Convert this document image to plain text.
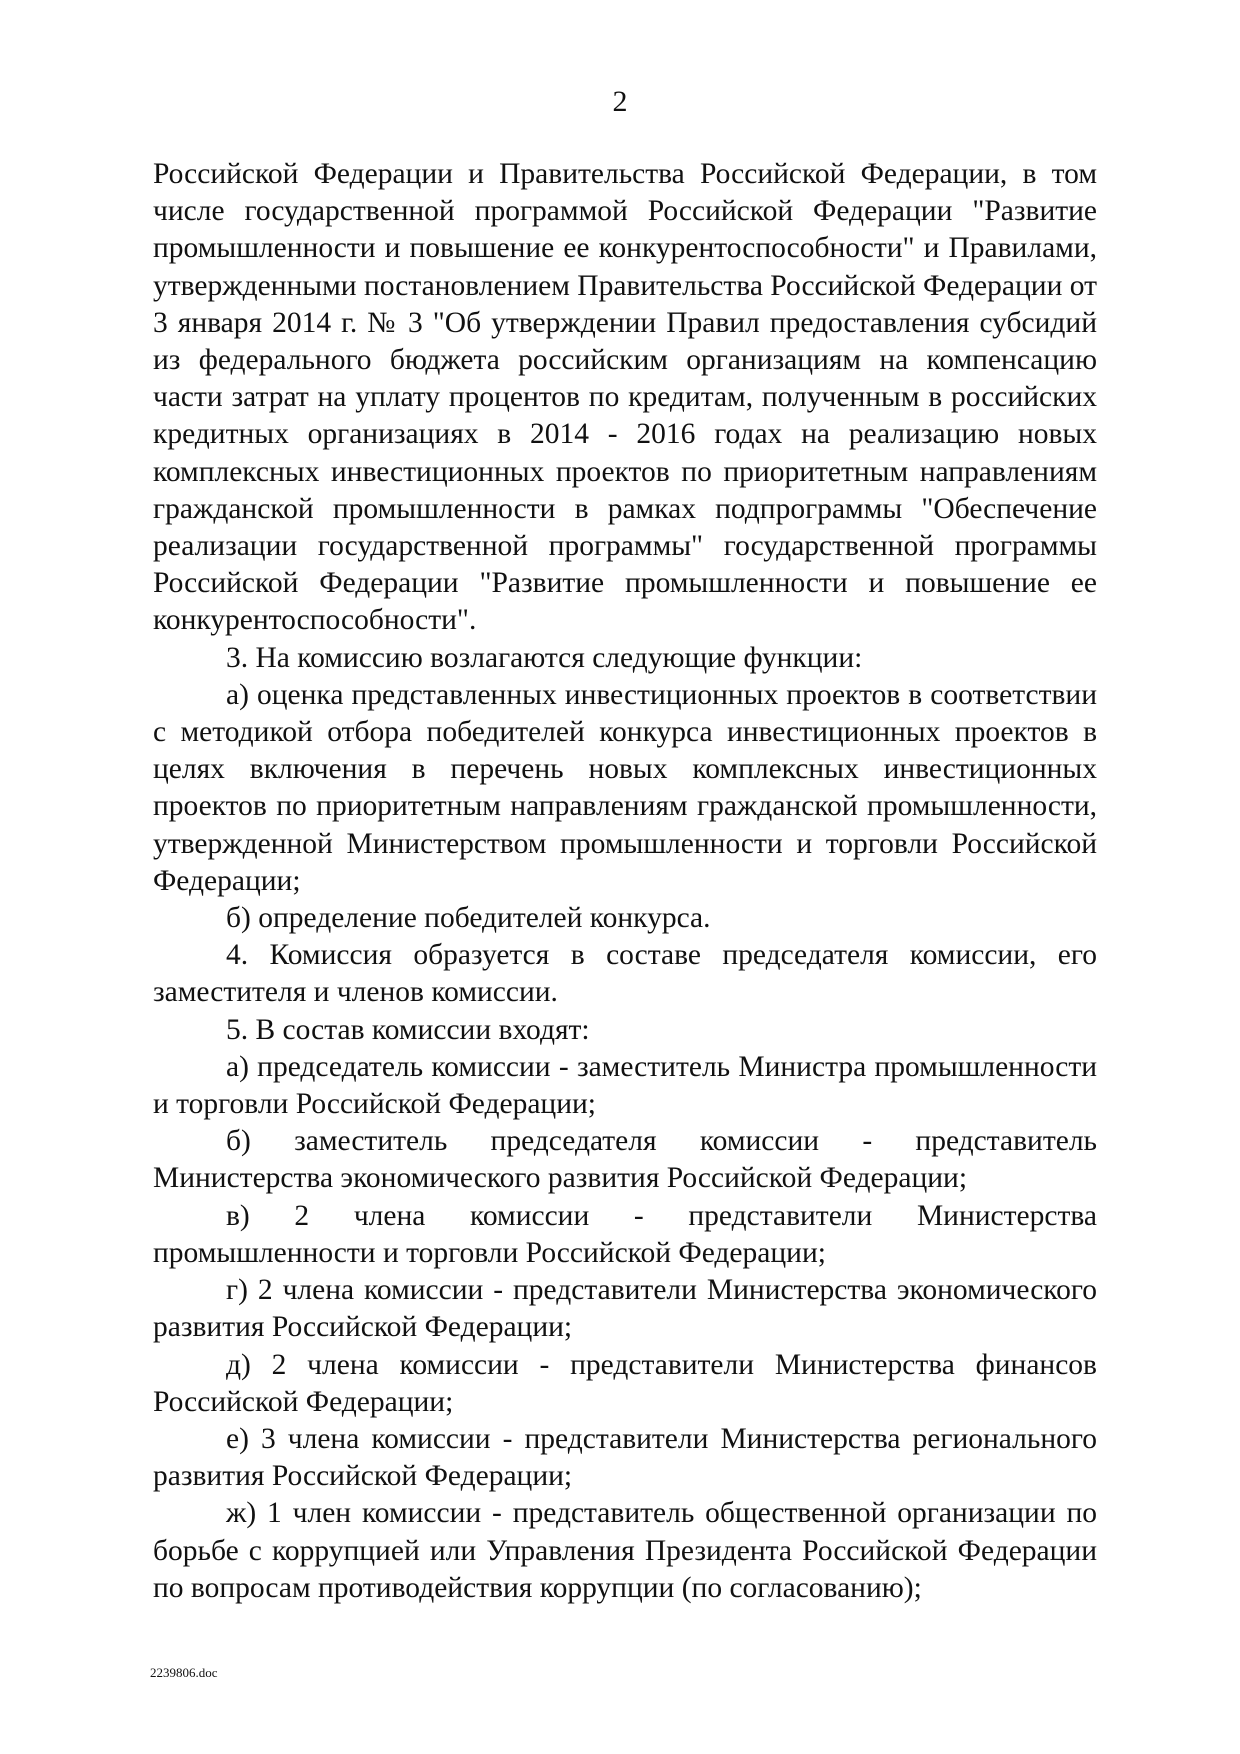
2

Российской Федерации и Правительства Российской Федерации, в том числе государственной программой Российской Федерации "Развитие промышленности и повышение ее конкурентоспособности" и Правилами, утвержденными постановлением Правительства Российской Федерации от 3 января 2014 г. № 3 "Об утверждении Правил предоставления субсидий из федерального бюджета российским организациям на компенсацию части затрат на уплату процентов по кредитам, полученным в российских кредитных организациях в 2014 - 2016 годах на реализацию новых комплексных инвестиционных проектов по приоритетным направлениям гражданской промышленности в рамках подпрограммы "Обеспечение реализации государственной программы" государственной программы Российской Федерации "Развитие промышленности и повышение ее конкурентоспособности".

3. На комиссию возлагаются следующие функции:

а) оценка представленных инвестиционных проектов в соответствии с методикой отбора победителей конкурса инвестиционных проектов в целях включения в перечень новых комплексных инвестиционных проектов по приоритетным направлениям гражданской промышленности, утвержденной Министерством промышленности и торговли Российской Федерации;

б) определение победителей конкурса.

4. Комиссия образуется в составе председателя комиссии, его заместителя и членов комиссии.

5. В состав комиссии входят:

а) председатель комиссии - заместитель Министра промышленности и торговли Российской Федерации;

б) заместитель председателя комиссии - представитель Министерства экономического развития Российской Федерации;

в) 2 члена комиссии - представители Министерства промышленности и торговли Российской Федерации;

г) 2 члена комиссии - представители Министерства экономического развития Российской Федерации;

д) 2 члена комиссии - представители Министерства финансов Российской Федерации;

е) 3 члена комиссии - представители Министерства регионального развития Российской Федерации;

ж) 1 член комиссии - представитель общественной организации по борьбе с коррупцией или Управления Президента Российской Федерации по вопросам противодействия коррупции (по согласованию);

2239806.doc
